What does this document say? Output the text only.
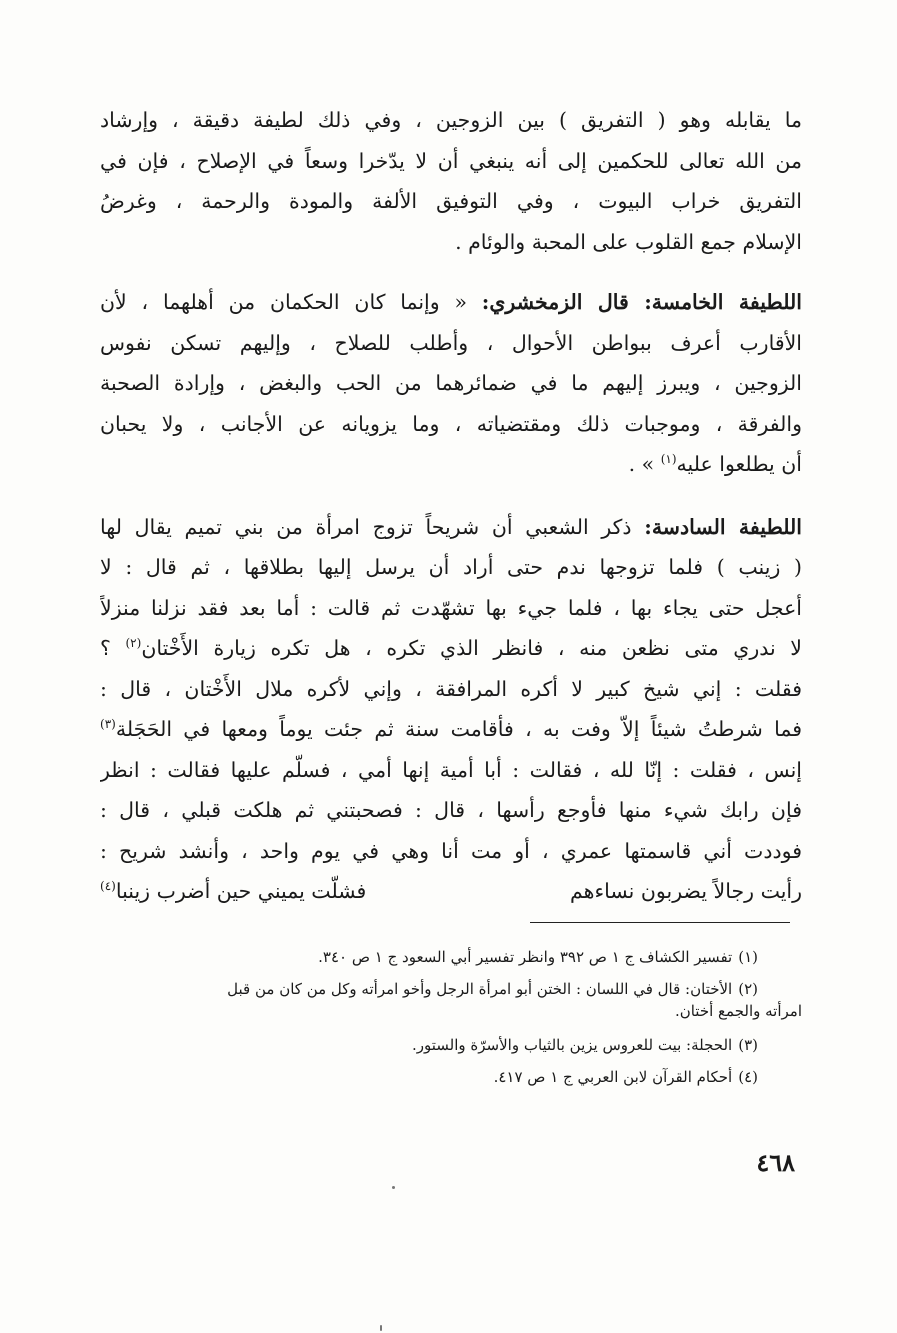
ما يقابله وهو ( التفريق ) بين الزوجين ، وفي ذلك لطيفة دقيقة ، وإرشاد
من الله تعالى للحكمين إلى أنه ينبغي أن لا يدّخرا وسعاً في الإصلاح ، فإن في
التفريق خراب البيوت ، وفي التوفيق الألفة والمودة والرحمة ، وغرضُ
الإسلام جمع القلوب على المحبة والوئام .
اللطيفة الخامسة: قال الزمخشري: « وإنما كان الحكمان من أهلهما ، لأن
الأقارب أعرف ببواطن الأحوال ، وأطلب للصلاح ، وإليهم تسكن نفوس
الزوجين ، ويبرز إليهم ما في ضمائرهما من الحب والبغض ، وإرادة الصحبة
والفرقة ، وموجبات ذلك ومقتضياته ، وما يزويانه عن الأجانب ، ولا يحبان
أن يطلعوا عليه$^{(١)}$ » .
اللطيفة السادسة: ذكر الشعبي أن شريحاً تزوج امرأة من بني تميم يقال لها
( زينب ) فلما تزوجها ندم حتى أراد أن يرسل إليها بطلاقها ، ثم قال : لا
أعجل حتى يجاء بها ، فلما جيء بها تشهّدت ثم قالت : أما بعد فقد نزلنا منزلاً
لا ندري متى نظعن منه ، فانظر الذي تكره ، هل تكره زيارة الأَخْتان$^{(٢)}$ ؟
فقلت : إني شيخ كبير لا أكره المرافقة ، وإني لأكره ملال الأَخْتان ، قال :
فما شرطتُ شيئاً إلاّ وفت به ، فأقامت سنة ثم جئت يوماً ومعها في الحَجَلة$^{(٣)}$
إنس ، فقلت : إنّا لله ، فقالت : أبا أمية إنها أمي ، فسلّم عليها فقالت : انظر
فإن رابك شيء منها فأوجع رأسها ، قال : فصحبتني ثم هلكت قبلي ، قال :
فوددت أني قاسمتها عمري ، أو مت أنا وهي في يوم واحد ، وأنشد شريح :
رأيت رجالاً يضربون نساءهم
فشلّت يميني حين أضرب زينبا$^{(٤)}$

(١)تفسير الكشاف ج ١ ص ٣٩٢ وانظر تفسير أبي السعود ج ١ ص ٣٤٠.

(٢)الأختان: قال في اللسان : الختن أبو امرأة الرجل وأخو امرأته وكل من كان من قبل
امرأته والجمع أختان.

(٣)الحجلة: بيت للعروس يزين بالثياب والأسرّة والستور.

(٤)أحكام القرآن لابن العربي ج ١ ص ٤١٧.

٤٦٨
